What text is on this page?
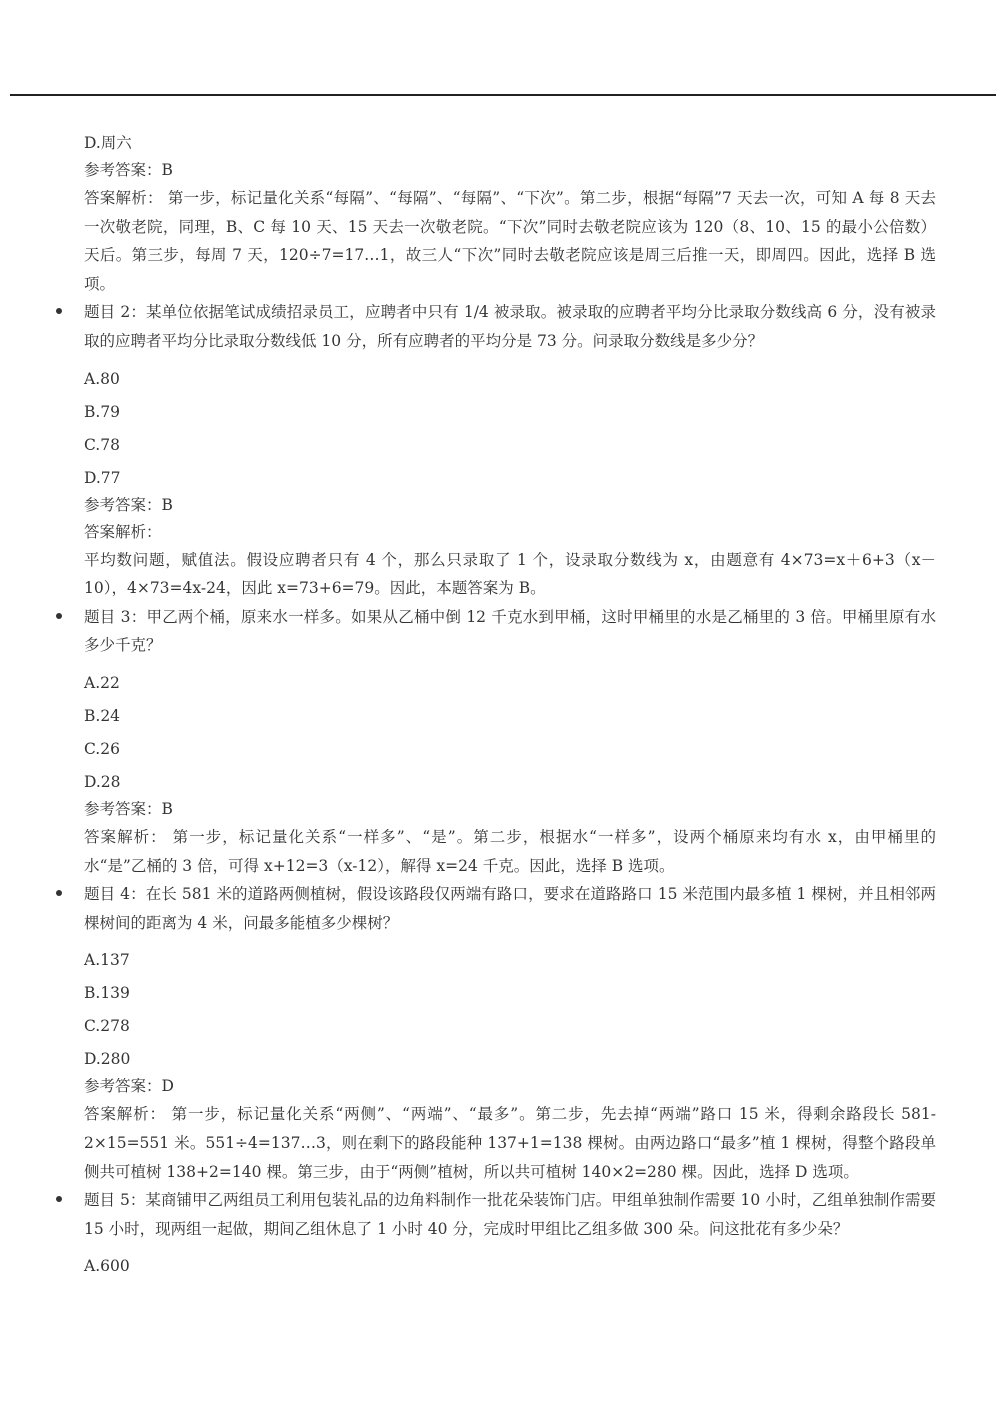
D.周六
参考答案：B
答案解析： 第一步，标记量化关系“每隔”、“每隔”、“每隔”、“下次”。第二步，根据“每隔”7 天去一次，可知 A 每 8 天去一次敬老院，同理，B、C 每 10 天、15 天去一次敬老院。“下次”同时去敬老院应该为 120（8、10、15 的最小公倍数）天后。第三步，每周 7 天，120÷7=17…1，故三人“下次”同时去敬老院应该是周三后推一天，即周四。因此，选择 B 选项。
题目 2：某单位依据笔试成绩招录员工，应聘者中只有 1/4 被录取。被录取的应聘者平均分比录取分数线高 6 分，没有被录取的应聘者平均分比录取分数线低 10 分，所有应聘者的平均分是 73 分。问录取分数线是多少分？
A.80
B.79
C.78
D.77
参考答案：B
答案解析：
平均数问题，赋值法。假设应聘者只有 4 个，那么只录取了 1 个，设录取分数线为 x，由题意有 4×73=x＋6+3（x－10），4×73=4x-24，因此 x=73+6=79。因此，本题答案为 B。
题目 3：甲乙两个桶，原来水一样多。如果从乙桶中倒 12 千克水到甲桶，这时甲桶里的水是乙桶里的 3 倍。甲桶里原有水多少千克？
A.22
B.24
C.26
D.28
参考答案：B
答案解析： 第一步，标记量化关系“一样多”、“是”。第二步，根据水“一样多”，设两个桶原来均有水 x，由甲桶里的水“是”乙桶的 3 倍，可得 x+12=3（x-12），解得 x=24 千克。因此，选择 B 选项。
题目 4：在长 581 米的道路两侧植树，假设该路段仅两端有路口，要求在道路路口 15 米范围内最多植 1 棵树，并且相邻两棵树间的距离为 4 米，问最多能植多少棵树？
A.137
B.139
C.278
D.280
参考答案：D
答案解析： 第一步，标记量化关系“两侧”、“两端”、“最多”。第二步，先去掉“两端”路口 15 米，得剩余路段长 581-2×15=551 米。551÷4=137…3，则在剩下的路段能种 137+1=138 棵树。由两边路口“最多”植 1 棵树，得整个路段单侧共可植树 138+2=140 棵。第三步，由于“两侧”植树，所以共可植树 140×2=280 棵。因此，选择 D 选项。
题目 5：某商铺甲乙两组员工利用包装礼品的边角料制作一批花朵装饰门店。甲组单独制作需要 10 小时，乙组单独制作需要 15 小时，现两组一起做，期间乙组休息了 1 小时 40 分，完成时甲组比乙组多做 300 朵。问这批花有多少朵？
A.600
